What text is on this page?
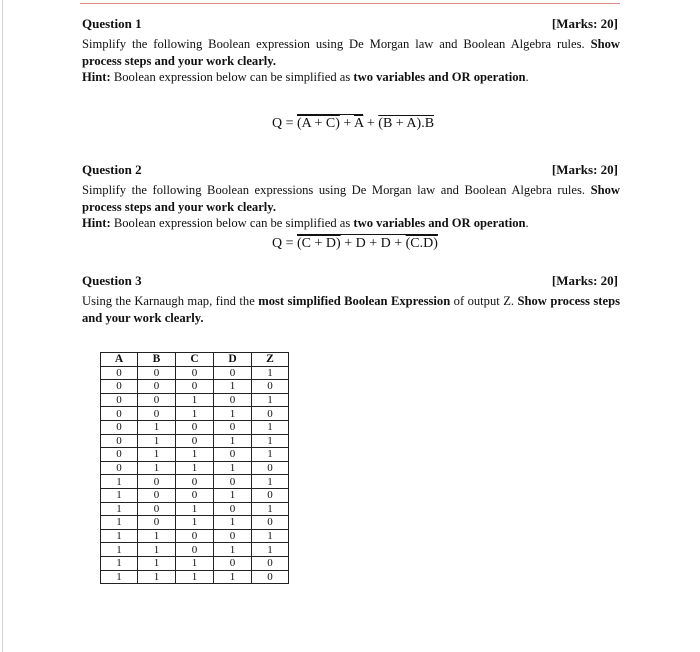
Question 1	[Marks: 20]
Simplify the following Boolean expression using De Morgan law and Boolean Algebra rules. Show process steps and your work clearly.
Hint: Boolean expression below can be simplified as two variables and OR operation.
$Q = (A + C) + \overline{A} + (B + A).B$
Question 2	[Marks: 20]
Simplify the following Boolean expressions using De Morgan law and Boolean Algebra rules. Show process steps and your work clearly.
Hint: Boolean expression below can be simplified as two variables and OR operation.
Q = (C + D) + D + D + (C.D)
Question 3	[Marks: 20]
Using the Karnaugh map, find the most simplified Boolean Expression of output Z. Show process steps and your work clearly.
A	B	C	D	Z
0	0	0	0	1
0	0	0	1	0
0	0	1	0	1
0	0	1	1	0
0	1	0	0	1
0	1	0	1	1
0	1	1	0	1
0	1	1	1	0
1	0	0	0	1
1	0	0	1	0
1	0	1	0	1
1	0	1	1	0
1	1	0	0	1
1	1	0	1	1
1	1	1	0	0
1	1	1	1	0
